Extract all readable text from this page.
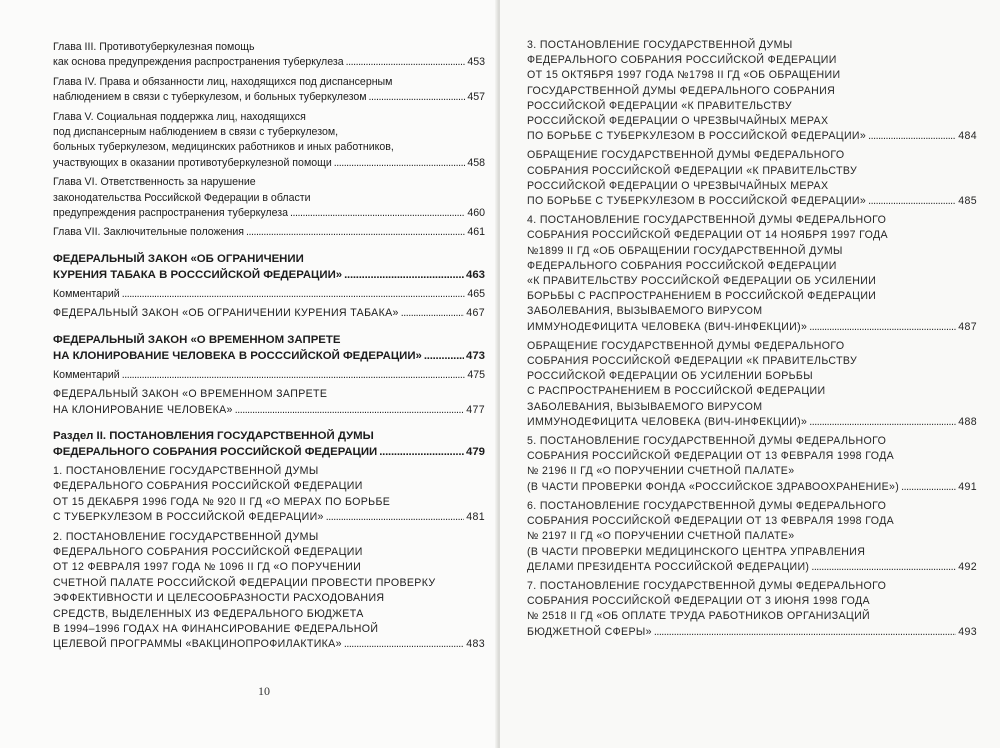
Глава III. Противотуберкулезная помощь
как основа предупреждения распространения туберкулеза . . .	453
Глава IV. Права и обязанности лиц, находящихся под диспансерным
наблюдением в связи с туберкулезом, и больных туберкулезом . . .	457
Глава V. Социальная поддержка лиц, находящихся
под диспансерным наблюдением в связи с туберкулезом,
больных туберкулезом, медицинских работников и иных работников,
участвующих в оказании противотуберкулезной помощи . . .	458
Глава VI. Ответственность за нарушение
законодательства Российской Федерации в области
предупреждения распространения туберкулеза . . .	460
Глава VII. Заключительные положения . . .	461
ФЕДЕРАЛЬНЫЙ ЗАКОН «ОБ ОГРАНИЧЕНИИ
КУРЕНИЯ ТАБАКА В РОСССИЙСКОЙ ФЕДЕРАЦИИ» . . .	463
Комментарий . . .	465
ФЕДЕРАЛЬНЫЙ ЗАКОН «ОБ ОГРАНИЧЕНИИ КУРЕНИЯ ТАБАКА» . . .	467
ФЕДЕРАЛЬНЫЙ ЗАКОН «О ВРЕМЕННОМ ЗАПРЕТЕ
НА КЛОНИРОВАНИЕ ЧЕЛОВЕКА В РОСССИЙСКОЙ ФЕДЕРАЦИИ» . . .	473
Комментарий . . .	475
ФЕДЕРАЛЬНЫЙ ЗАКОН «О ВРЕМЕННОМ ЗАПРЕТЕ
НА КЛОНИРОВАНИЕ ЧЕЛОВЕКА» . . .	477
Раздел II. ПОСТАНОВЛЕНИЯ ГОСУДАРСТВЕННОЙ ДУМЫ
ФЕДЕРАЛЬНОГО СОБРАНИЯ РОССИЙСКОЙ ФЕДЕРАЦИИ . . .	479
1. ПОСТАНОВЛЕНИЕ ГОСУДАРСТВЕННОЙ ДУМЫ
ФЕДЕРАЛЬНОГО СОБРАНИЯ РОССИЙСКОЙ ФЕДЕРАЦИИ
ОТ 15 ДЕКАБРЯ 1996 ГОДА № 920 II ГД «О МЕРАХ ПО БОРЬБЕ
С ТУБЕРКУЛЕЗОМ В РОССИЙСКОЙ ФЕДЕРАЦИИ» . . .	481
2. ПОСТАНОВЛЕНИЕ ГОСУДАРСТВЕННОЙ ДУМЫ
ФЕДЕРАЛЬНОГО СОБРАНИЯ РОССИЙСКОЙ ФЕДЕРАЦИИ
ОТ 12 ФЕВРАЛЯ 1997 ГОДА № 1096 II ГД «О ПОРУЧЕНИИ
СЧЕТНОЙ ПАЛАТЕ РОССИЙСКОЙ ФЕДЕРАЦИИ ПРОВЕСТИ ПРОВЕРКУ
ЭФФЕКТИВНОСТИ И ЦЕЛЕСООБРАЗНОСТИ РАСХОДОВАНИЯ
СРЕДСТВ, ВЫДЕЛЕННЫХ ИЗ ФЕДЕРАЛЬНОГО БЮДЖЕТА
В 1994–1996 ГОДАХ НА ФИНАНСИРОВАНИЕ ФЕДЕРАЛЬНОЙ
ЦЕЛЕВОЙ ПРОГРАММЫ «ВАКЦИНОПРОФИЛАКТИКА» . . .	483
10
3. ПОСТАНОВЛЕНИЕ ГОСУДАРСТВЕННОЙ ДУМЫ
ФЕДЕРАЛЬНОГО СОБРАНИЯ РОССИЙСКОЙ ФЕДЕРАЦИИ
ОТ 15 ОКТЯБРЯ 1997 ГОДА №1798 II ГД «ОБ ОБРАЩЕНИИ
ГОСУДАРСТВЕННОЙ ДУМЫ ФЕДЕРАЛЬНОГО СОБРАНИЯ
РОССИЙСКОЙ ФЕДЕРАЦИИ «К ПРАВИТЕЛЬСТВУ
РОССИЙСКОЙ ФЕДЕРАЦИИ О ЧРЕЗВЫЧАЙНЫХ МЕРАХ
ПО БОРЬБЕ С ТУБЕРКУЛЕЗОМ В РОССИЙСКОЙ ФЕДЕРАЦИИ» . . .	484
ОБРАЩЕНИЕ ГОСУДАРСТВЕННОЙ ДУМЫ ФЕДЕРАЛЬНОГО
СОБРАНИЯ РОССИЙСКОЙ ФЕДЕРАЦИИ «К ПРАВИТЕЛЬСТВУ
РОССИЙСКОЙ ФЕДЕРАЦИИ О ЧРЕЗВЫЧАЙНЫХ МЕРАХ
ПО БОРЬБЕ С ТУБЕРКУЛЕЗОМ В РОССИЙСКОЙ ФЕДЕРАЦИИ» . . .	485
4. ПОСТАНОВЛЕНИЕ ГОСУДАРСТВЕННОЙ ДУМЫ ФЕДЕРАЛЬНОГО
СОБРАНИЯ РОССИЙСКОЙ ФЕДЕРАЦИИ ОТ 14 НОЯБРЯ 1997 ГОДА
№1899 II ГД «ОБ ОБРАЩЕНИИ ГОСУДАРСТВЕННОЙ ДУМЫ
ФЕДЕРАЛЬНОГО СОБРАНИЯ РОССИЙСКОЙ ФЕДЕРАЦИИ
«К ПРАВИТЕЛЬСТВУ РОССИЙСКОЙ ФЕДЕРАЦИИ ОБ УСИЛЕНИИ
БОРЬБЫ С РАСПРОСТРАНЕНИЕМ В РОССИЙСКОЙ ФЕДЕРАЦИИ
ЗАБОЛЕВАНИЯ, ВЫЗЫВАЕМОГО ВИРУСОМ
ИММУНОДЕФИЦИТА ЧЕЛОВЕКА (ВИЧ-ИНФЕКЦИИ)» . . .	487
ОБРАЩЕНИЕ ГОСУДАРСТВЕННОЙ ДУМЫ ФЕДЕРАЛЬНОГО
СОБРАНИЯ РОССИЙСКОЙ ФЕДЕРАЦИИ «К ПРАВИТЕЛЬСТВУ
РОССИЙСКОЙ ФЕДЕРАЦИИ ОБ УСИЛЕНИИ БОРЬБЫ
С РАСПРОСТРАНЕНИЕМ В РОССИЙСКОЙ ФЕДЕРАЦИИ
ЗАБОЛЕВАНИЯ, ВЫЗЫВАЕМОГО ВИРУСОМ
ИММУНОДЕФИЦИТА ЧЕЛОВЕКА (ВИЧ-ИНФЕКЦИИ)» . . .	488
5. ПОСТАНОВЛЕНИЕ ГОСУДАРСТВЕННОЙ ДУМЫ ФЕДЕРАЛЬНОГО
СОБРАНИЯ РОССИЙСКОЙ ФЕДЕРАЦИИ ОТ 13 ФЕВРАЛЯ 1998 ГОДА
№ 2196 II ГД «О ПОРУЧЕНИИ СЧЕТНОЙ ПАЛАТЕ»
(В ЧАСТИ ПРОВЕРКИ ФОНДА «РОССИЙСКОЕ ЗДРАВООХРАНЕНИЕ») . . .	491
6. ПОСТАНОВЛЕНИЕ ГОСУДАРСТВЕННОЙ ДУМЫ ФЕДЕРАЛЬНОГО
СОБРАНИЯ РОССИЙСКОЙ ФЕДЕРАЦИИ ОТ 13 ФЕВРАЛЯ 1998 ГОДА
№ 2197 II ГД «О ПОРУЧЕНИИ СЧЕТНОЙ ПАЛАТЕ»
(В ЧАСТИ ПРОВЕРКИ МЕДИЦИНСКОГО ЦЕНТРА УПРАВЛЕНИЯ
ДЕЛАМИ ПРЕЗИДЕНТА РОССИЙСКОЙ ФЕДЕРАЦИИ) . . .	492
7. ПОСТАНОВЛЕНИЕ ГОСУДАРСТВЕННОЙ ДУМЫ ФЕДЕРАЛЬНОГО
СОБРАНИЯ РОССИЙСКОЙ ФЕДЕРАЦИИ ОТ 3 ИЮНЯ 1998 ГОДА
№ 2518 II ГД «ОБ ОПЛАТЕ ТРУДА РАБОТНИКОВ ОРГАНИЗАЦИЙ
БЮДЖЕТНОЙ СФЕРЫ» . . .	493
